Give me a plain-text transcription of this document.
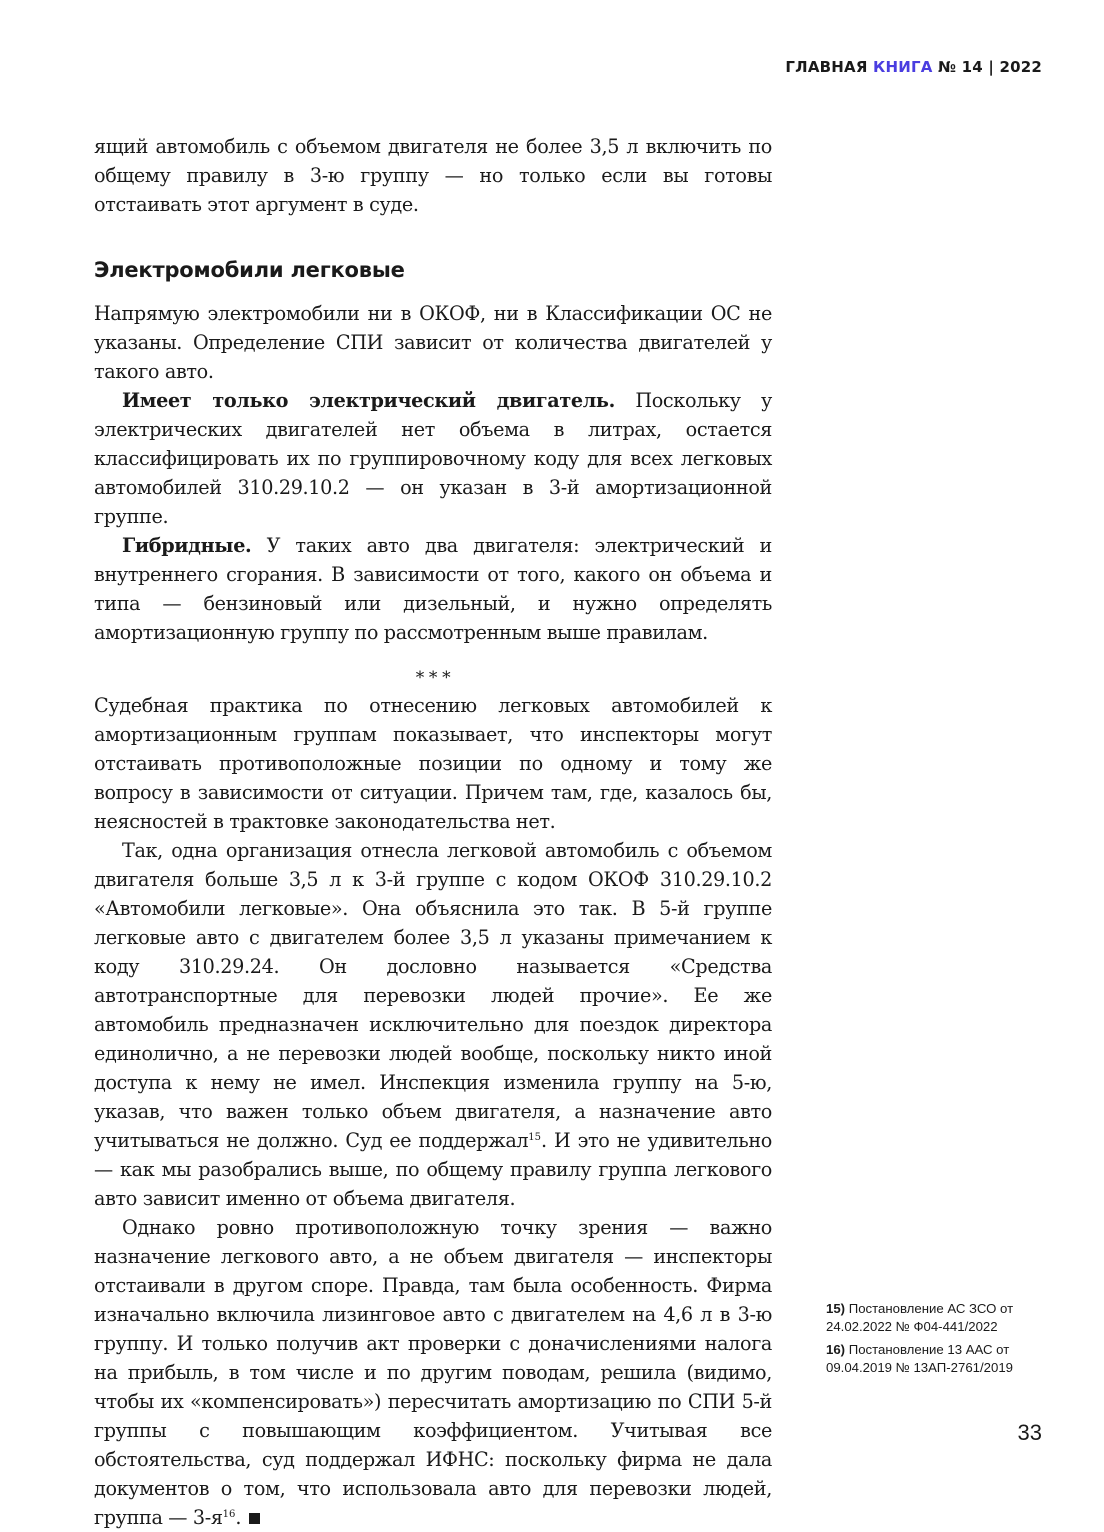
ГЛАВНАЯ КНИГА № 14 | 2022

ящий автомобиль с объемом двигателя не более 3,5 л включить по общему правилу в 3-ю группу — но только если вы готовы отстаивать этот аргумент в суде.

Электромобили легковые

Напрямую электромобили ни в ОКОФ, ни в Классификации ОС не указаны. Определение СПИ зависит от количества двигателей у такого авто.

Имеет только электрический двигатель. Поскольку у электрических двигателей нет объема в литрах, остается классифицировать их по группировочному коду для всех легковых автомобилей 310.29.10.2 — он указан в 3-й амортизационной группе.

Гибридные. У таких авто два двигателя: электрический и внутреннего сгорания. В зависимости от того, какого он объема и типа — бензиновый или дизельный, и нужно определять амортизационную группу по рассмотренным выше правилам.

* * *

Судебная практика по отнесению легковых автомобилей к амортизационным группам показывает, что инспекторы могут отстаивать противоположные позиции по одному и тому же вопросу в зависимости от ситуации. Причем там, где, казалось бы, неясностей в трактовке законодательства нет.

Так, одна организация отнесла легковой автомобиль с объемом двигателя больше 3,5 л к 3-й группе с кодом ОКОФ 310.29.10.2 «Автомобили легковые». Она объяснила это так. В 5-й группе легковые авто с двигателем более 3,5 л указаны примечанием к коду 310.29.24. Он дословно называется «Средства автотранспортные для перевозки людей прочие». Ее же автомобиль предназначен исключительно для поездок директора единолично, а не перевозки людей вообще, поскольку никто иной доступа к нему не имел. Инспекция изменила группу на 5-ю, указав, что важен только объем двигателя, а назначение авто учитываться не должно. Суд ее поддержал$^{15}$. И это не удивительно — как мы разобрались выше, по общему правилу группа легкового авто зависит именно от объема двигателя.

Однако ровно противоположную точку зрения — важно назначение легкового авто, а не объем двигателя — инспекторы отстаивали в другом споре. Правда, там была особенность. Фирма изначально включила лизинговое авто с двигателем на 4,6 л в 3-ю группу. И только получив акт проверки с доначислениями налога на прибыль, в том числе и по другим поводам, решила (видимо, чтобы их «компенсировать») пересчитать амортизацию по СПИ 5-й группы с повышающим коэффициентом. Учитывая все обстоятельства, суд поддержал ИФНС: поскольку фирма не дала документов о том, что использовала авто для перевозки людей, группа — $3-я^{16}$.

15) Постановление АС ЗСО от 24.02.2022 № Ф04-441/2022
16) Постановление 13 ААС от 09.04.2019 № 13АП-2761/2019
33
